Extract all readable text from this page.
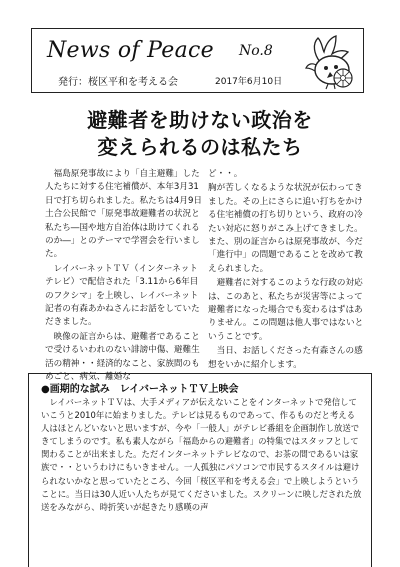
News of Peace No.8
発行：桜区平和を考える会	2017年6月10日
避難者を助けない政治を
変えられるのは私たち

福島原発事故により「自主避難」した人たちに対する住宅補償が、本年3月31日で打ち切られました。私たちは4月9日土合公民館で「原発事故避難者の状況と私たち―国や地方自治体は助けてくれるのか―」とのテーマで学習会を行いました。

レイバーネットＴＶ（インターネットテレビ）で配信された「3.11から6年目のフクシマ」を上映し、レイバーネット記者の有森あかねさんにお話をしていただきました。

映像の証言からは、避難者であることで受けるいわれのない誹謗中傷、避難生活の精神・・経済的なこと、家族間のもめごと、病気、離婚な

ど・・。

胸が苦しくなるような状況が伝わってきました。その上にさらに追い打ちをかける住宅補償の打ち切りという、政府の冷たい対応に怒りがこみ上げてきました。また、別の証言からは原発事故が、今だ「進行中」の問題であることを改めて教えられました。

避難者に対するこのような行政の対応は、このあと、私たちが災害等によって避難者になった場合でも変わるはずはありません。この問題は他人事ではないということです。

当日、お話しくださった有森さんの感想をいかに紹介します。

●画期的な試み　レイバーネットＴＶ上映会
レイバーネットＴＶは、大手メディアが伝えないことをインターネットで発信していこうと2010年に始まりました。テレビは見るものであって、作るものだと考える人はほとんどいないと思いますが、今や「一般人」がテレビ番組を企画制作し放送できてしまうのです。私も素人ながら「福島からの避難者」の特集ではスタッフとして関わることが出来ました。ただインターネットテレビなので、お茶の間であるいは家族で・・というわけにもいきません。一人孤独にパソコンで市民するスタイルは避けられないかなと思っていたところ、今回「桜区平和を考える会」で上映しようということに。当日は30人近い人たちが見てくださいました。スクリーンに映しだされた放送をみながら、時折笑いが起きたり感嘆の声
